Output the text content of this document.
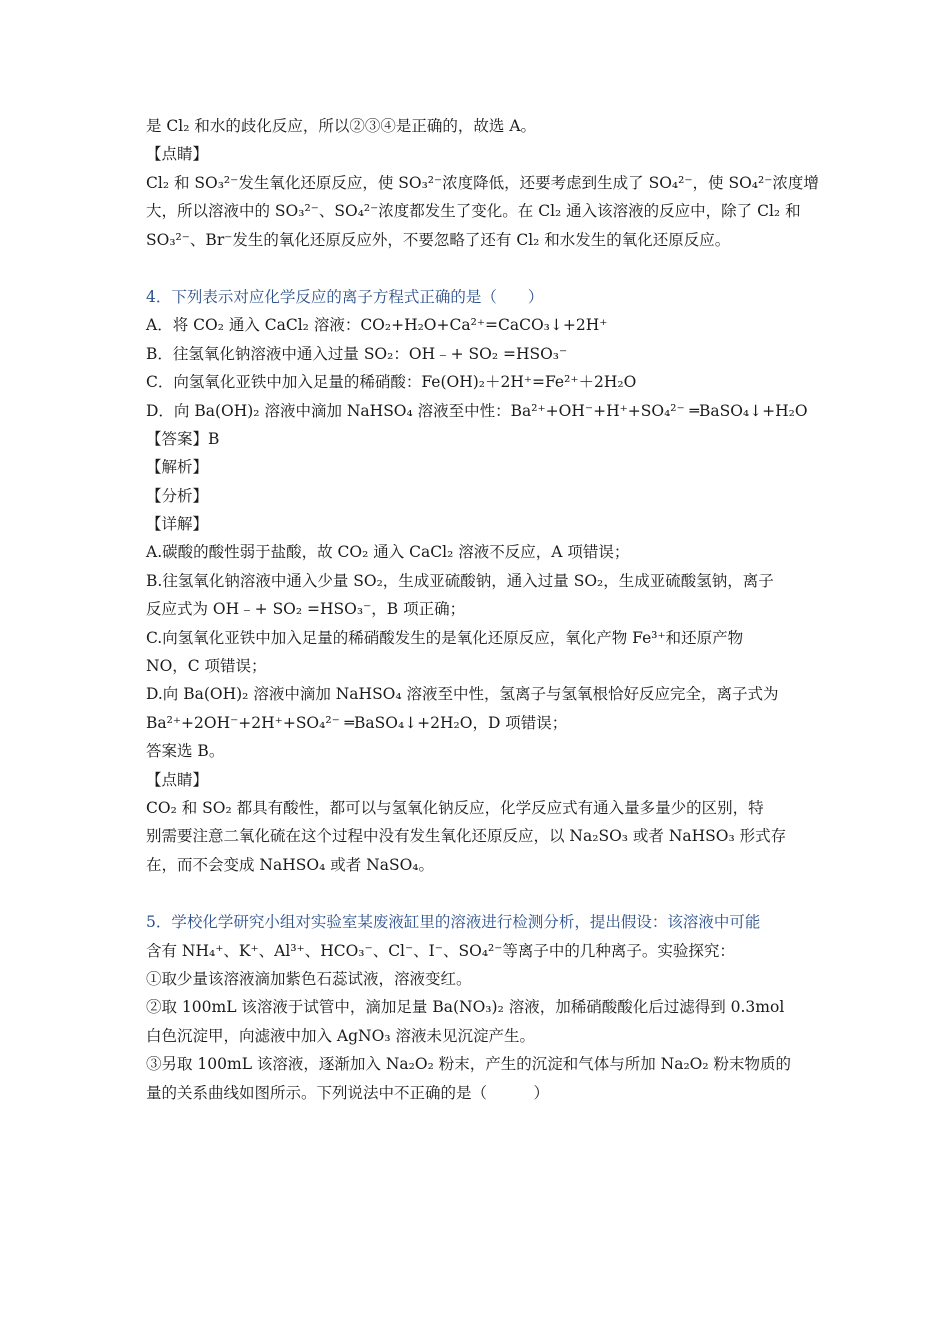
是 Cl₂ 和水的歧化反应，所以②③④是正确的，故选 A。
【点睛】
Cl₂ 和 SO₃²⁻发生氧化还原反应，使 SO₃²⁻浓度降低，还要考虑到生成了 SO₄²⁻，使 SO₄²⁻浓度增
大，所以溶液中的 SO₃²⁻、SO₄²⁻浓度都发生了变化。在 Cl₂ 通入该溶液的反应中，除了 Cl₂ 和
SO₃²⁻、Br⁻发生的氧化还原反应外，不要忽略了还有 Cl₂ 和水发生的氧化还原反应。
4．下列表示对应化学反应的离子方程式正确的是（　　）
A．将 CO₂ 通入 CaCl₂ 溶液：CO₂+H₂O+Ca²⁺=CaCO₃↓+2H⁺
B．往氢氧化钠溶液中通入过量 SO₂：OH﹣+ SO₂ =HSO₃⁻
C．向氢氧化亚铁中加入足量的稀硝酸：Fe(OH)₂＋2H⁺=Fe²⁺＋2H₂O
D．向 Ba(OH)₂ 溶液中滴加 NaHSO₄ 溶液至中性：Ba²⁺+OH⁻+H⁺+SO₄²⁻ ═BaSO₄↓+H₂O
【答案】B
【解析】
【分析】
【详解】
A.碳酸的酸性弱于盐酸，故 CO₂ 通入 CaCl₂ 溶液不反应，A 项错误；
B.往氢氧化钠溶液中通入少量 SO₂，生成亚硫酸钠，通入过量 SO₂，生成亚硫酸氢钠，离子
反应式为 OH﹣+ SO₂ =HSO₃⁻，B 项正确；
C.向氢氧化亚铁中加入足量的稀硝酸发生的是氧化还原反应，氧化产物 Fe³⁺和还原产物
NO，C 项错误；
D.向 Ba(OH)₂ 溶液中滴加 NaHSO₄ 溶液至中性，氢离子与氢氧根恰好反应完全，离子式为
Ba²⁺+2OH⁻+2H⁺+SO₄²⁻ ═BaSO₄↓+2H₂O，D 项错误；
答案选 B。
【点睛】
CO₂ 和 SO₂ 都具有酸性，都可以与氢氧化钠反应，化学反应式有通入量多量少的区别，特
别需要注意二氧化硫在这个过程中没有发生氧化还原反应，以 Na₂SO₃ 或者 NaHSO₃ 形式存
在，而不会变成 NaHSO₄ 或者 NaSO₄。
5．学校化学研究小组对实验室某废液缸里的溶液进行检测分析，提出假设：该溶液中可能
含有 NH₄⁺、K⁺、Al³⁺、HCO₃⁻、Cl⁻、I⁻、SO₄²⁻等离子中的几种离子。实验探究：
①取少量该溶液滴加紫色石蕊试液，溶液变红。
②取 100mL 该溶液于试管中，滴加足量 Ba(NO₃)₂ 溶液，加稀硝酸酸化后过滤得到 0.3mol
白色沉淀甲，向滤液中加入 AgNO₃ 溶液未见沉淀产生。
③另取 100mL 该溶液，逐渐加入 Na₂O₂ 粉末，产生的沉淀和气体与所加 Na₂O₂ 粉末物质的
量的关系曲线如图所示。下列说法中不正确的是（　　　）
